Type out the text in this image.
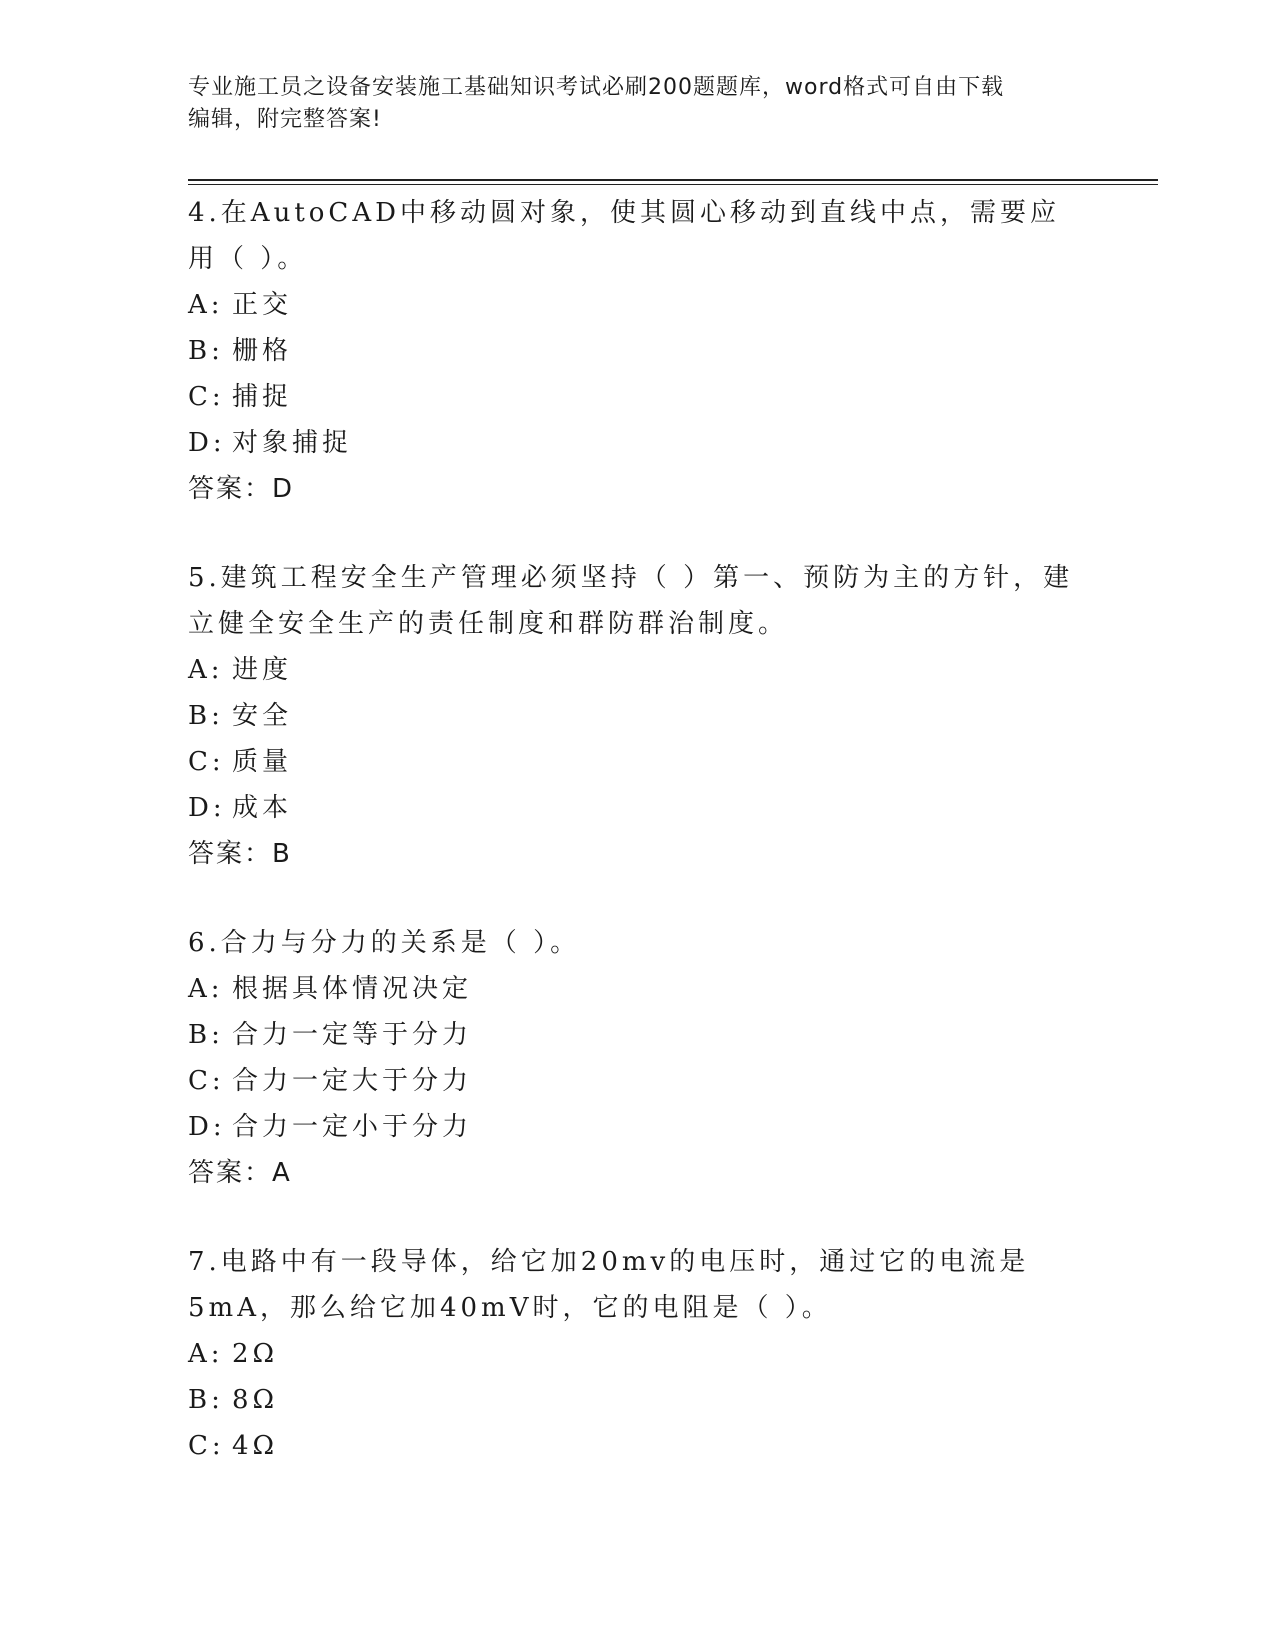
专业施工员之设备安装施工基础知识考试必刷200题题库，word格式可自由下载
编辑，附完整答案!
4.在AutoCAD中移动圆对象，使其圆心移动到直线中点，需要应用（ ）。
A: 正交
B: 栅格
C: 捕捉
D: 对象捕捉
答案：D
5.建筑工程安全生产管理必须坚持（ ）第一、预防为主的方针，建立健全安全生产的责任制度和群防群治制度。
A: 进度
B: 安全
C: 质量
D: 成本
答案：B
6.合力与分力的关系是（ ）。
A: 根据具体情况决定
B: 合力一定等于分力
C: 合力一定大于分力
D: 合力一定小于分力
答案：A
7.电路中有一段导体，给它加20mv的电压时，通过它的电流是5mA，那么给它加40mV时，它的电阻是（ ）。
A: 2Ω
B: 8Ω
C: 4Ω
